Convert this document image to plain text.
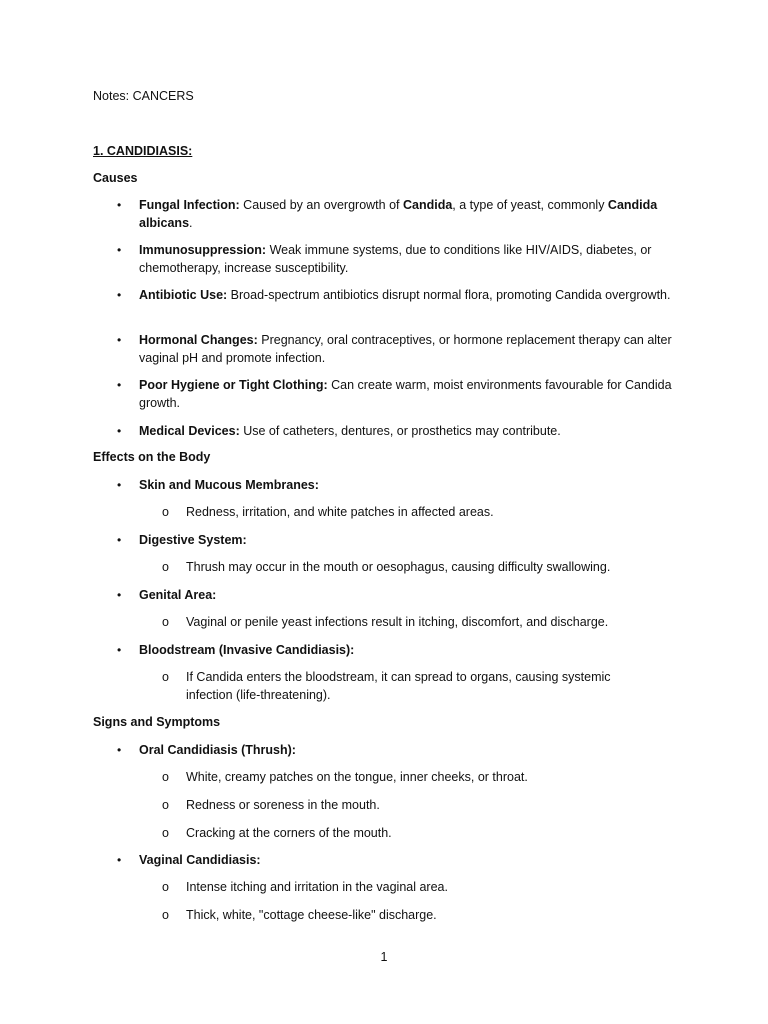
Notes: CANCERS
1. CANDIDIASIS:
Causes
•	Fungal Infection: Caused by an overgrowth of Candida, a type of yeast, commonly Candida albicans.
•	Immunosuppression: Weak immune systems, due to conditions like HIV/AIDS, diabetes, or chemotherapy, increase susceptibility.
•	Antibiotic Use: Broad-spectrum antibiotics disrupt normal flora, promoting Candida overgrowth.
•	Hormonal Changes: Pregnancy, oral contraceptives, or hormone replacement therapy can alter vaginal pH and promote infection.
•	Poor Hygiene or Tight Clothing: Can create warm, moist environments favourable for Candida growth.
•	Medical Devices: Use of catheters, dentures, or prosthetics may contribute.
Effects on the Body
•	Skin and Mucous Membranes:
o	Redness, irritation, and white patches in affected areas.
•	Digestive System:
o	Thrush may occur in the mouth or oesophagus, causing difficulty swallowing.
•	Genital Area:
o	Vaginal or penile yeast infections result in itching, discomfort, and discharge.
•	Bloodstream (Invasive Candidiasis):
o	If Candida enters the bloodstream, it can spread to organs, causing systemic infection (life-threatening).
Signs and Symptoms
•	Oral Candidiasis (Thrush):
o	White, creamy patches on the tongue, inner cheeks, or throat.
o	Redness or soreness in the mouth.
o	Cracking at the corners of the mouth.
•	Vaginal Candidiasis:
o	Intense itching and irritation in the vaginal area.
o	Thick, white, "cottage cheese-like" discharge.
1
